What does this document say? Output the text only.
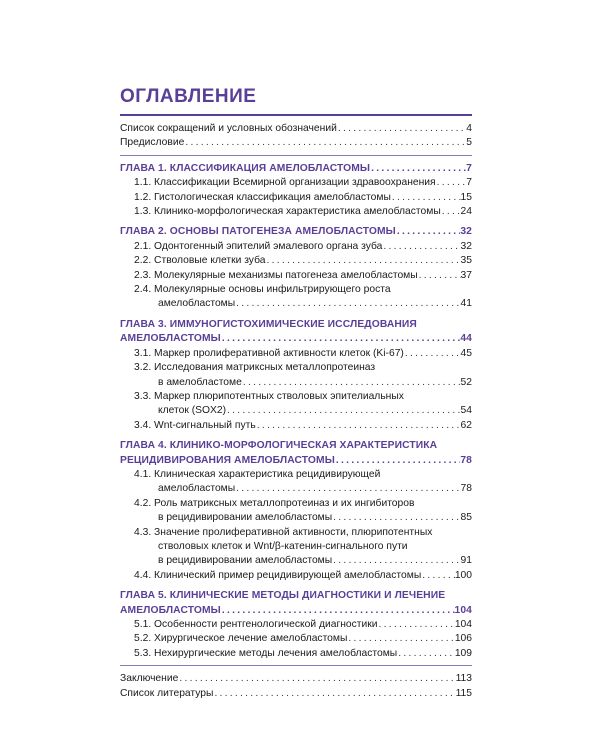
ОГЛАВЛЕНИЕ
Список сокращений и условных обозначений . . .	4
Предисловие . . .	5
ГЛАВА 1. КЛАССИФИКАЦИЯ АМЕЛОБЛАСТОМЫ . . .	7
1.1. Классификации Всемирной организации здравоохранения . . .	7
1.2. Гистологическая классификация амелобластомы . . .	15
1.3. Клинико-морфологическая характеристика амелобластомы . . . 24
ГЛАВА 2. ОСНОВЫ ПАТОГЕНЕЗА АМЕЛОБЛАСТОМЫ . . .	32
2.1. Одонтогенный эпителий эмалевого органа зуба . . .	32
2.2. Стволовые клетки зуба . . .	35
2.3. Молекулярные механизмы патогенеза амелобластомы . . .	37
2.4. Молекулярные основы инфильтрирующего роста
амелобластомы . . .	41
ГЛАВА 3. ИММУНОГИСТОХИМИЧЕСКИЕ ИССЛЕДОВАНИЯ
АМЕЛОБЛАСТОМЫ . . .	44
3.1. Маркер пролиферативной активности клеток (Ki-67) . . .	45
3.2. Исследования матриксных металлопротеиназ
в амелобластоме . . .	52
3.3. Маркер плюрипотентных стволовых эпителиальных
клеток (SOX2) . . .	54
3.4. Wnt-сигнальный путь . . .	62
ГЛАВА 4. КЛИНИКО-МОРФОЛОГИЧЕСКАЯ ХАРАКТЕРИСТИКА
РЕЦИДИВИРОВАНИЯ АМЕЛОБЛАСТОМЫ . . .	78
4.1. Клиническая характеристика рецидивирующей
амелобластомы . . .	78
4.2. Роль матриксных металлопротеиназ и их ингибиторов
в рецидивировании амелобластомы . . .	85
4.3. Значение пролиферативной активности, плюрипотентных
стволовых клеток и Wnt/β-катенин-сигнального пути
в рецидивировании амелобластомы . . .	91
4.4. Клинический пример рецидивирующей амелобластомы . . .	100
ГЛАВА 5. КЛИНИЧЕСКИЕ МЕТОДЫ ДИАГНОСТИКИ И ЛЕЧЕНИЕ
АМЕЛОБЛАСТОМЫ . . .	104
5.1. Особенности рентгенологической диагностики . . .	104
5.2. Хирургическое лечение амелобластомы . . .	106
5.3. Нехирургические методы лечения амелобластомы . . .	109
Заключение . . .	113
Список литературы . . .	115
